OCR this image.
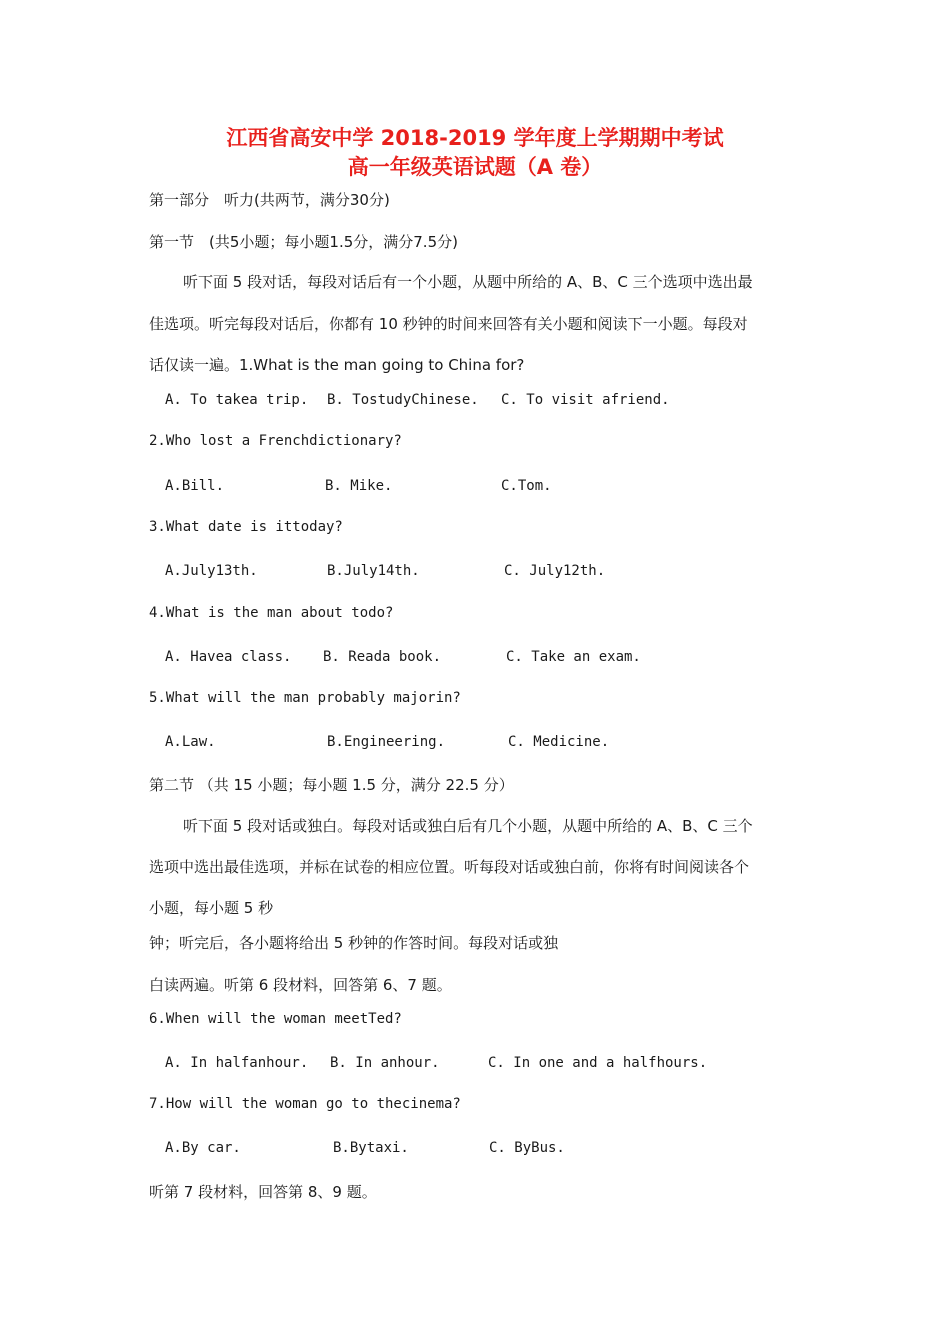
江西省高安中学 2018-2019 学年度上学期期中考试
高一年级英语试题（A 卷）
第一部分　听力(共两节，满分30分)
第一节　(共5小题；每小题1.5分，满分7.5分)
听下面 5 段对话，每段对话后有一个小题，从题中所给的 A、B、C 三个选项中选出最
佳选项。听完每段对话后，你都有 10 秒钟的时间来回答有关小题和阅读下一小题。每段对
话仅读一遍。1.What is the man going to China for?
A. To takea trip. B. TostudyChinese. C. To visit afriend.
2.Who lost a Frenchdictionary?
A.Bill.	B. Mike.	C.Tom.
3.What date is ittoday?
A.July13th.	B.July14th.	C. July12th.
4.What is the man about todo?
A. Havea class. B. Reada book.	C. Take an exam.
5.What will the man probably majorin?
A.Law.	B.Engineering.	C. Medicine.
第二节 （共 15 小题；每小题 1.5 分，满分 22.5 分）
听下面 5 段对话或独白。每段对话或独白后有几个小题，从题中所给的 A、B、C 三个
选项中选出最佳选项，并标在试卷的相应位置。听每段对话或独白前，你将有时间阅读各个
小题，每小题 5 秒
钟；听完后，各小题将给出 5 秒钟的作答时间。每段对话或独
白读两遍。听第 6 段材料，回答第 6、7 题。
6.When will the woman meetTed?
A. In halfanhour. B. In anhour.	C. In one and a halfhours.
7.How will the woman go to thecinema?
A.By car.	B.Bytaxi.	C. ByBus.
听第 7 段材料，回答第 8、9 题。
